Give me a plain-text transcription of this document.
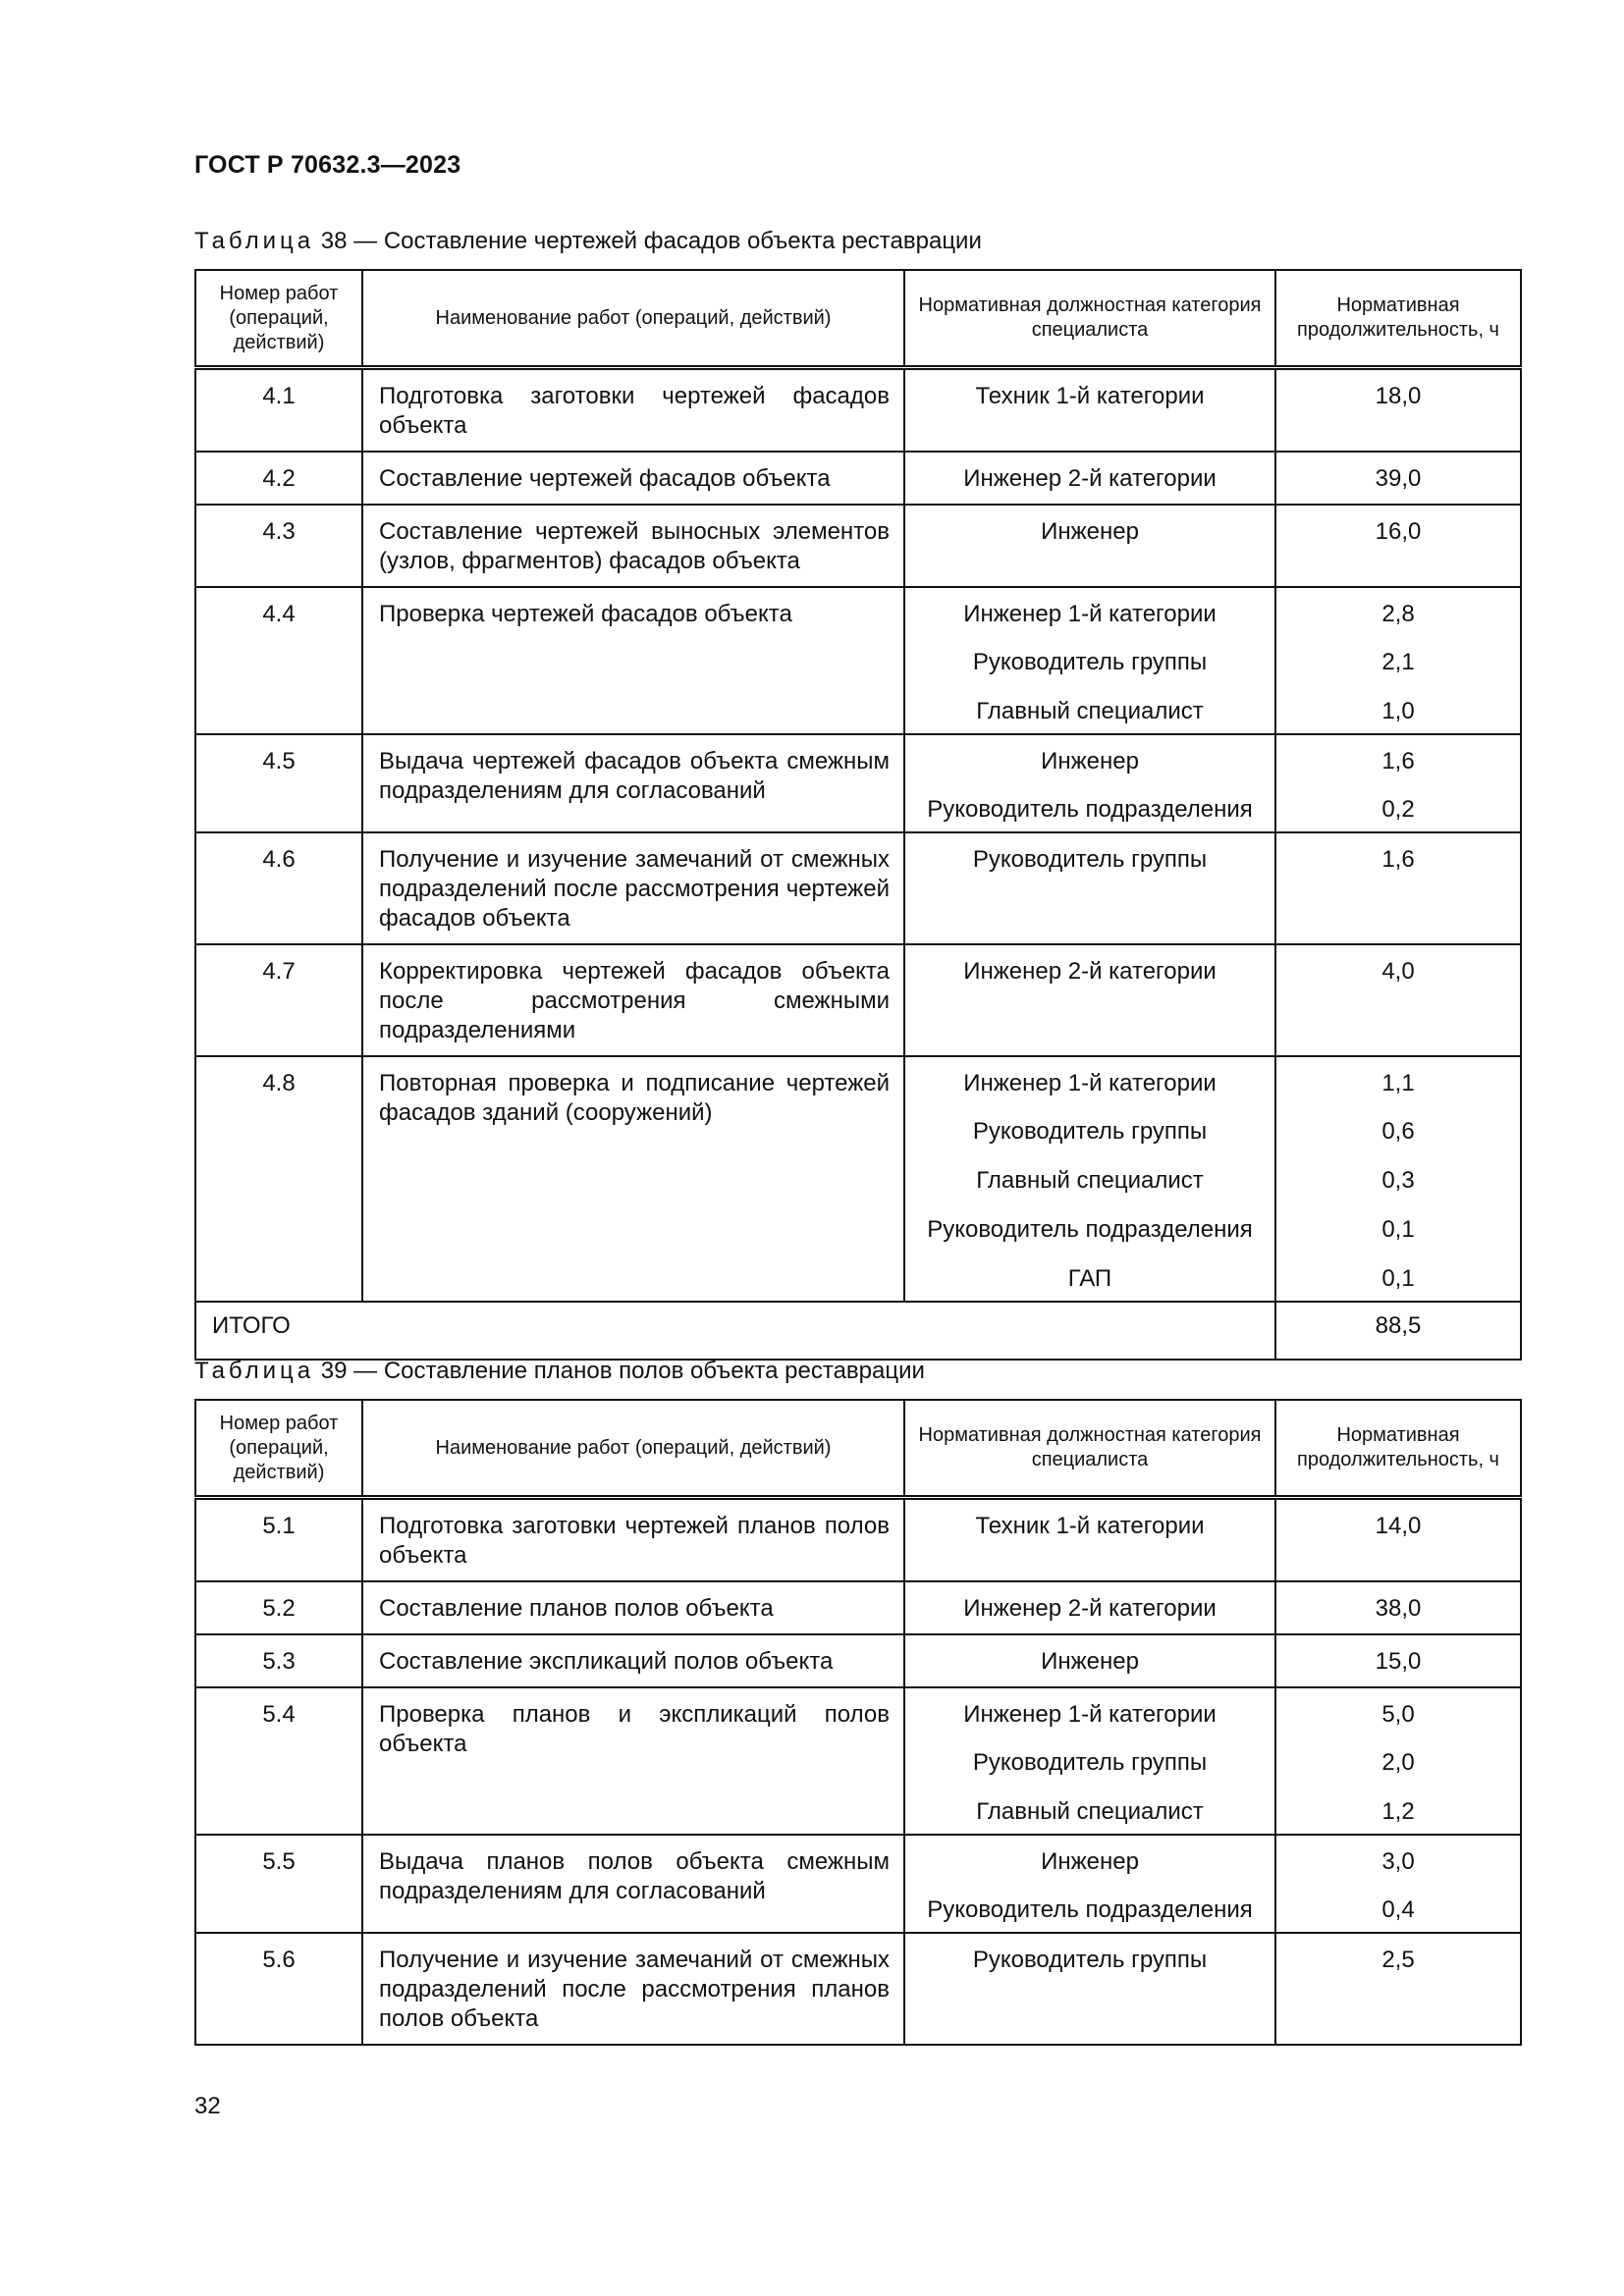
ГОСТ Р 70632.3—2023
Таблица 38 — Составление чертежей фасадов объекта реставрации
Номер работ (операций, действий)	Наименование работ (операций, действий)	Нормативная должностная категория специалиста	Нормативная продолжительность, ч
4.1	Подготовка заготовки чертежей фасадов объекта	Техник 1-й категории	18,0
4.2	Составление чертежей фасадов объекта	Инженер 2-й категории	39,0
4.3	Составление чертежей выносных элементов (узлов, фрагментов) фасадов объекта	Инженер	16,0
4.4	Проверка чертежей фасадов объекта	Инженер 1-й категории	2,8
		Руководитель группы	2,1
		Главный специалист	1,0
4.5	Выдача чертежей фасадов объекта смежным подразделениям для согласований	Инженер	1,6
		Руководитель подразделения	0,2
4.6	Получение и изучение замечаний от смежных подразделений после рассмотрения чертежей фасадов объекта	Руководитель группы	1,6
4.7	Корректировка чертежей фасадов объекта после рассмотрения смежными подразделениями	Инженер 2-й категории	4,0
4.8	Повторная проверка и подписание чертежей фасадов зданий (сооружений)	Инженер 1-й категории	1,1
		Руководитель группы	0,6
		Главный специалист	0,3
		Руководитель подразделения	0,1
		ГАП	0,1
ИТОГО			88,5
Таблица 39 — Составление планов полов объекта реставрации
Номер работ (операций, действий)	Наименование работ (операций, действий)	Нормативная должностная категория специалиста	Нормативная продолжительность, ч
5.1	Подготовка заготовки чертежей планов полов объекта	Техник 1-й категории	14,0
5.2	Составление планов полов объекта	Инженер 2-й категории	38,0
5.3	Составление экспликаций полов объекта	Инженер	15,0
5.4	Проверка планов и экспликаций полов объекта	Инженер 1-й категории	5,0
		Руководитель группы	2,0
		Главный специалист	1,2
5.5	Выдача планов полов объекта смежным подразделениям для согласований	Инженер	3,0
		Руководитель подразделения	0,4
5.6	Получение и изучение замечаний от смежных подразделений после рассмотрения планов полов объекта	Руководитель группы	2,5
32
